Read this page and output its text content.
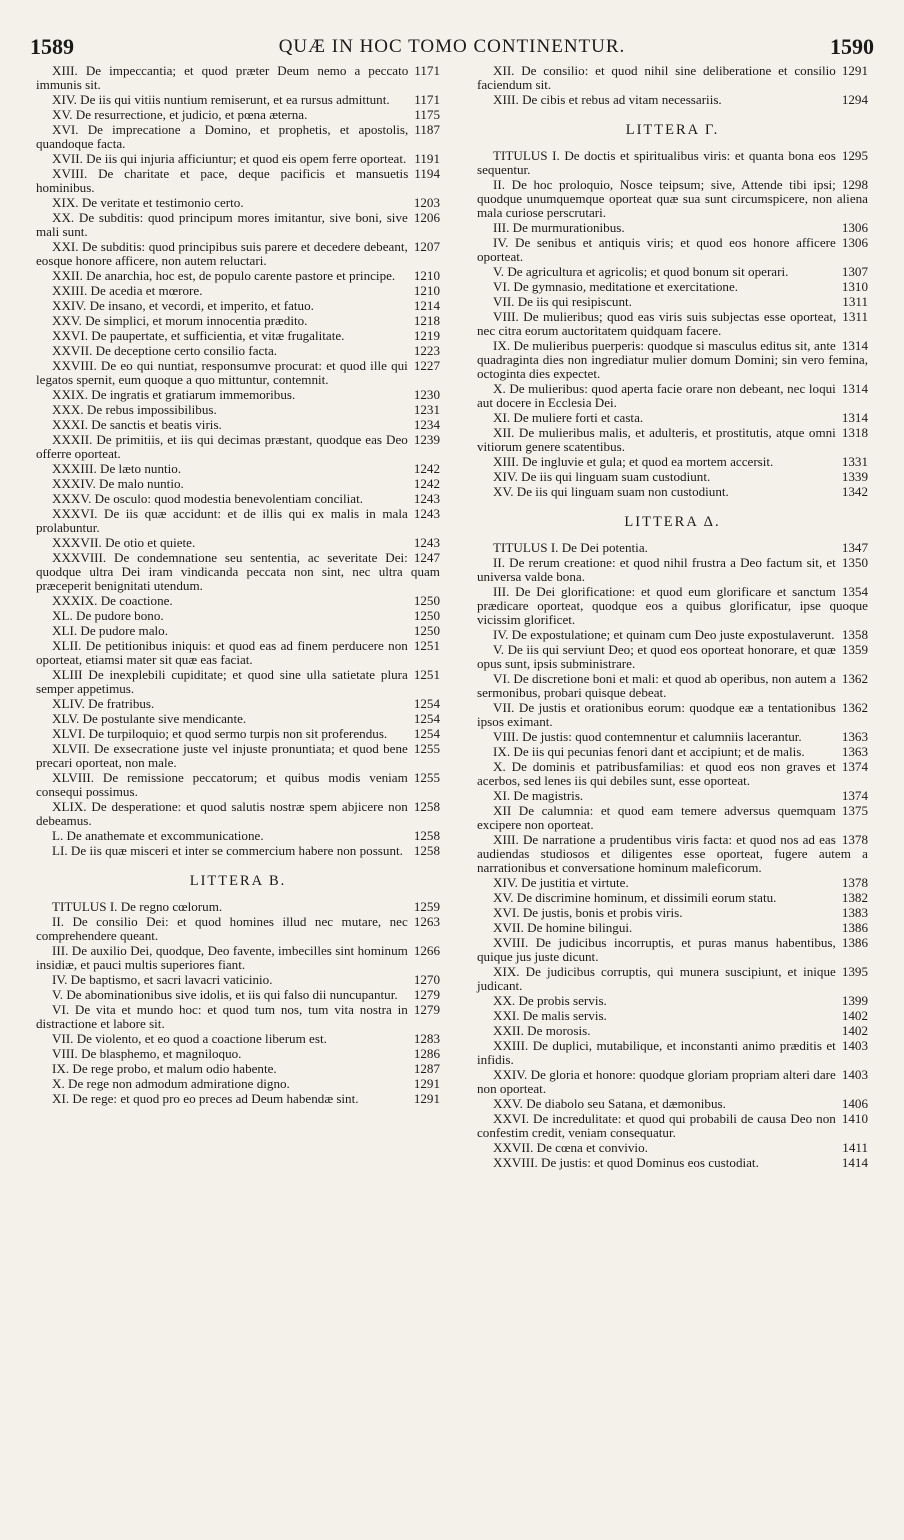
1589	QUÆ IN HOC TOMO CONTINENTUR.	1590
1171
XIII. De impeccantia; et quod præter Deum nemo a peccato immunis sit.
1171
XIV. De iis qui vitiis nuntium remiserunt, et ea rursus admittunt.
1175
XV. De resurrectione, et judicio, et pœna æterna.
1187
XVI. De imprecatione a Domino, et prophetis, et apostolis, quandoque facta.
1191
XVII. De iis qui injuria afficiuntur; et quod eis opem ferre oporteat.
1194
XVIII. De charitate et pace, deque pacificis et mansuetis hominibus.
1203
XIX. De veritate et testimonio certo.
1206
XX. De subditis: quod principum mores imitantur, sive boni, sive mali sunt.
1207
XXI. De subditis: quod principibus suis parere et decedere debeant, eosque honore afficere, non autem reluctari.
1210
XXII. De anarchia, hoc est, de populo carente pastore et principe.
1210
XXIII. De acedia et mœrore.
1214
XXIV. De insano, et vecordi, et imperito, et fatuo.
1218
XXV. De simplici, et morum innocentia prædito.
1219
XXVI. De paupertate, et sufficientia, et vitæ frugalitate.
1223
XXVII. De deceptione certo consilio facta.
1227
XXVIII. De eo qui nuntiat, responsumve procurat: et quod ille qui legatos spernit, eum quoque a quo mittuntur, contemnit.
1230
XXIX. De ingratis et gratiarum immemoribus.
1231
XXX. De rebus impossibilibus.
1234
XXXI. De sanctis et beatis viris.
1239
XXXII. De primitiis, et iis qui decimas præstant, quodque eas Deo offerre oporteat.
1242
XXXIII. De læto nuntio.
1242
XXXIV. De malo nuntio.
1243
XXXV. De osculo: quod modestia benevolentiam conciliat.
1243
XXXVI. De iis quæ accidunt: et de illis qui ex malis in mala prolabuntur.
1243
XXXVII. De otio et quiete.
1247
XXXVIII. De condemnatione seu sententia, ac severitate Dei: quodque ultra Dei iram vindicanda peccata non sint, nec ultra quam præceperit benignitati utendum.
1250
XXXIX. De coactione.
1250
XL. De pudore bono.
1250
XLI. De pudore malo.
1251
XLII. De petitionibus iniquis: et quod eas ad finem perducere non oporteat, etiamsi mater sit quæ eas faciat.
1251
XLIII De inexplebili cupiditate; et quod sine ulla satietate plura semper appetimus.
1254
XLIV. De fratribus.
1254
XLV. De postulante sive mendicante.
1254
XLVI. De turpiloquio; et quod sermo turpis non sit proferendus.
1255
XLVII. De exsecratione juste vel injuste pronuntiata; et quod bene precari oporteat, non male.
1255
XLVIII. De remissione peccatorum; et quibus modis veniam consequi possimus.
1258
XLIX. De desperatione: et quod salutis nostræ spem abjicere non debeamus.
1258
L. De anathemate et excommunicatione.
1258
LI. De iis quæ misceri et inter se commercium habere non possunt.
LITTERA B.
1259
TITULUS I. De regno cœlorum.
1263
II. De consilio Dei: et quod homines illud nec mutare, nec comprehendere queant.
1266
III. De auxilio Dei, quodque, Deo favente, imbecilles sint hominum insidiæ, et pauci multis superiores fiant.
1270
IV. De baptismo, et sacri lavacri vaticinio.
1279
V. De abominationibus sive idolis, et iis qui falso dii nuncupantur.
1279
VI. De vita et mundo hoc: et quod tum nos, tum vita nostra in distractione et labore sit.
1283
VII. De violento, et eo quod a coactione liberum est.
1286
VIII. De blasphemo, et magniloquo.
1287
IX. De rege probo, et malum odio habente.
1291
X. De rege non admodum admiratione digno.
1291
XI. De rege: et quod pro eo preces ad Deum habendæ sint.
1291
XII. De consilio: et quod nihil sine deliberatione et consilio faciendum sit.
1294
XIII. De cibis et rebus ad vitam necessariis.
LITTERA Γ.
1295
TITULUS I. De doctis et spiritualibus viris: et quanta bona eos sequentur.
1298
II. De hoc proloquio, Nosce teipsum; sive, Attende tibi ipsi; quodque unumquemque oporteat quæ sua sunt circumspicere, non aliena mala curiose perscrutari.
1306
III. De murmurationibus.
1306
IV. De senibus et antiquis viris; et quod eos honore afficere oporteat.
1307
V. De agricultura et agricolis; et quod bonum sit operari.
1310
VI. De gymnasio, meditatione et exercitatione.
1311
VII. De iis qui resipiscunt.
1311
VIII. De mulieribus; quod eas viris suis subjectas esse oporteat, nec citra eorum auctoritatem quidquam facere.
1314
IX. De mulieribus puerperis: quodque si masculus editus sit, ante quadraginta dies non ingrediatur mulier domum Domini; sin vero femina, octoginta dies expectet.
1314
X. De mulieribus: quod aperta facie orare non debeant, nec loqui aut docere in Ecclesia Dei.
1314
XI. De muliere forti et casta.
1318
XII. De mulieribus malis, et adulteris, et prostitutis, atque omni vitiorum genere scatentibus.
1331
XIII. De ingluvie et gula; et quod ea mortem accersit.
1339
XIV. De iis qui linguam suam custodiunt.
1342
XV. De iis qui linguam suam non custodiunt.
LITTERA Δ.
1347
TITULUS I. De Dei potentia.
1350
II. De rerum creatione: et quod nihil frustra a Deo factum sit, et universa valde bona.
1354
III. De Dei glorificatione: et quod eum glorificare et sanctum prædicare oporteat, quodque eos a quibus glorificatur, ipse quoque vicissim glorificet.
1358
IV. De expostulatione; et quinam cum Deo juste expostulaverunt.
1359
V. De iis qui serviunt Deo; et quod eos oporteat honorare, et quæ opus sunt, ipsis subministrare.
1362
VI. De discretione boni et mali: et quod ab operibus, non autem a sermonibus, probari quisque debeat.
1362
VII. De justis et orationibus eorum: quodque eæ a tentationibus ipsos eximant.
1363
VIII. De justis: quod contemnentur et calumniis lacerantur.
1363
IX. De iis qui pecunias fenori dant et accipiunt; et de malis.
1374
X. De dominis et patribusfamilias: et quod eos non graves et acerbos, sed lenes iis qui debiles sunt, esse oporteat.
1374
XI. De magistris.
1375
XII De calumnia: et quod eam temere adversus quemquam excipere non oporteat.
1378
XIII. De narratione a prudentibus viris facta: et quod nos ad eas audiendas studiosos et diligentes esse oporteat, fugere autem a narrationibus et conversatione hominum maleficorum.
1378
XIV. De justitia et virtute.
1382
XV. De discrimine hominum, et dissimili eorum statu.
1383
XVI. De justis, bonis et probis viris.
1386
XVII. De homine bilingui.
1386
XVIII. De judicibus incorruptis, et puras manus habentibus, quique jus juste dicunt.
1395
XIX. De judicibus corruptis, qui munera suscipiunt, et inique judicant.
1399
XX. De probis servis.
1402
XXI. De malis servis.
1402
XXII. De morosis.
1403
XXIII. De duplici, mutabilique, et inconstanti animo præditis et infidis.
1403
XXIV. De gloria et honore: quodque gloriam propriam alteri dare non oporteat.
1406
XXV. De diabolo seu Satana, et dæmonibus.
1410
XXVI. De incredulitate: et quod qui probabili de causa Deo non confestim credit, veniam consequatur.
1411
XXVII. De cœna et convivio.
1414
XXVIII. De justis: et quod Dominus eos custodiat.
